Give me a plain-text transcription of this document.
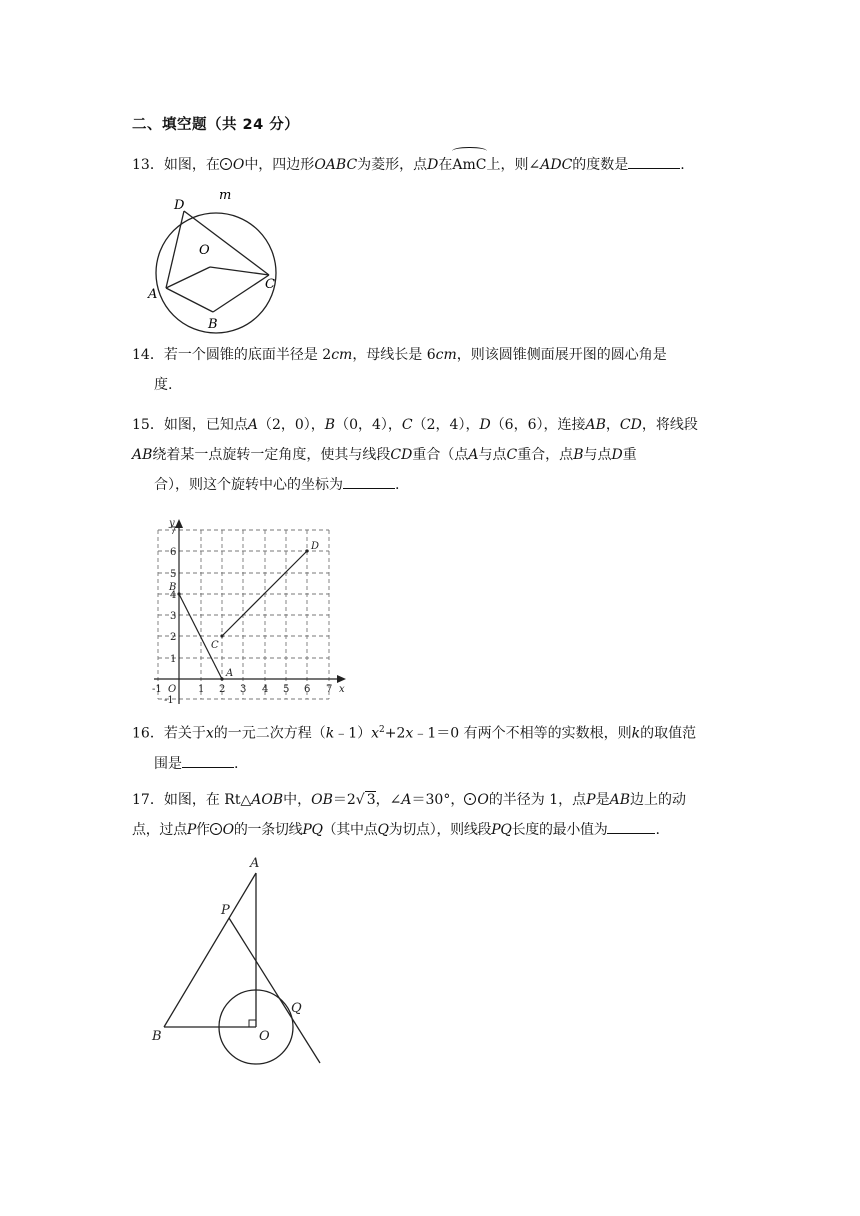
二、填空题（共 24 分）
13．如图，在 O中，四边形OABC为菱形，点D在AmC上，则∠ADC的度数是	.
D
m
O
A
C
B
14．若一个圆锥的底面半径是 2cm，母线长是 6cm，则该圆锥侧面展开图的圆心角是
度.
15．如图，已知点A（2，0），B（0，4），C（2，4），D（6，6），连接AB，CD，将线段
AB绕着某一点旋转一定角度，使其与线段CD重合（点A与点C重合，点B与点D重
合），则这个旋转中心的坐标为	.
y
x
O
-1	1 2 3 4 5 6 7
-1
1
2
3
4
5
6
7
A
B
C
D
16．若关于x的一元二次方程$(k﹣1)x^2+2x﹣1=0$ 有两个不相等的实数根，则k的取值范
围是	.
17．如图，在 Rt△AOB中，OB＝2√ 3，∠A＝30°， O的半径为 1，点P是AB边上的动
点，过点P作 O的一条切线PQ（其中点Q为切点），则线段PQ长度的最小值为	.
A
P
Q
B	O
